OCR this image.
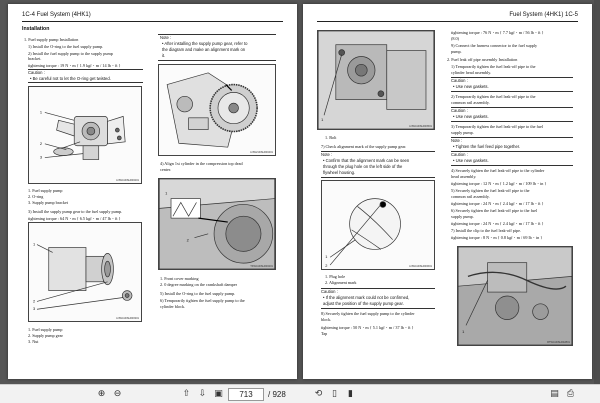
1C-4 Fuel System (4HK1)
Installation
1. Fuel supply pump Installation
1) Install the O-ring to the fuel supply pump.
2) Install the fuel supply pump to the supply pump
bracket.
tightening torque : 19 N・m { 1.9 kgf・m / 14 lb・ft }
Caution :
• Be careful not to let the O-ring get twisted.
1
2
3
LNW41DSH000201
1. Fuel supply pump
2. O-ring
3. Supply pump bracket
3) Install the supply pump gear to the fuel supply pump.
tightening torque : 64 N・m { 6.5 kgf・m / 47 lb・ft }
1
2
3
LNW41DSH000301
1. Fuel supply pump
2. Supply pump gear
3. Nut
Note :
• After installing the supply pump gear, refer to
the diagram and make an alignment mark on
it.
LNW21DSH000401
4) Align 1st cylinder in the compression top dead
center.
1
2
TKW41DSH000201
1. Front cover marking
2. 0 degree marking on the crankshaft damper
5) Install the O-ring to the fuel supply pump.
6) Temporarily tighten the fuel supply pump to the
cylinder block.
Fuel System (4HK1) 1C-5
1
LNW41DSH000501
1. Bolt
7) Check alignment mark of the supply pump gear.
Note :
• Confirm that the alignment mark can be seen
through the plug hole on the left side of the
flywheel housing.
1
2	LNW41DSH000601
1. Plug hole
2. Alignment mark
Caution :
• If the alignment mark could not be confirmed,
adjust the position of the supply pump gear.
8) Securely tighten the fuel supply pump to the cylinder
block.
tightening torque : 50 N・m { 5.1 kgf・m / 37 lb・ft }
Tap
tightening torque : 76 N・m { 7.7 kgf・m / 56 lb・ft }
(8.0)
9) Connect the harness connector to the fuel supply
pump.
2. Fuel leak off pipe assembly Installation
1) Temporarily tighten the fuel leak-off pipe to the
cylinder head assembly.
Caution :
• Use new gaskets.
2) Temporarily tighten the fuel leak-off pipe to the
common rail assembly.
Caution :
• Use new gaskets.
3) Temporarily tighten the fuel leak-off pipe to the fuel
supply pump.
Note :
• Tighten the fuel feed pipe together.
Caution :
• Use new gaskets.
4) Securely tighten the fuel leak-off pipe to the cylinder
head assembly.
tightening torque : 12 N・m { 1.2 kgf・m / 109 lb・in }
5) Securely tighten the fuel leak-off pipe to the
common rail assembly.
tightening torque : 24 N・m { 2.4 kgf・m / 17 lb・ft }
6) Securely tighten the fuel leak-off pipe to the fuel
supply pump.
tightening torque : 24 N・m { 2.4 kgf・m / 17 lb・ft }
7) Install the clip to the fuel leak-off pipe.
tightening torque : 8 N・m { 0.8 kgf・m / 69 lb・in }
1
RTW41DSH002801
⊕ ⊖	⇧ ⇩ ▣	713	/ 928	⟲	▯	▮	▤ ⎙
